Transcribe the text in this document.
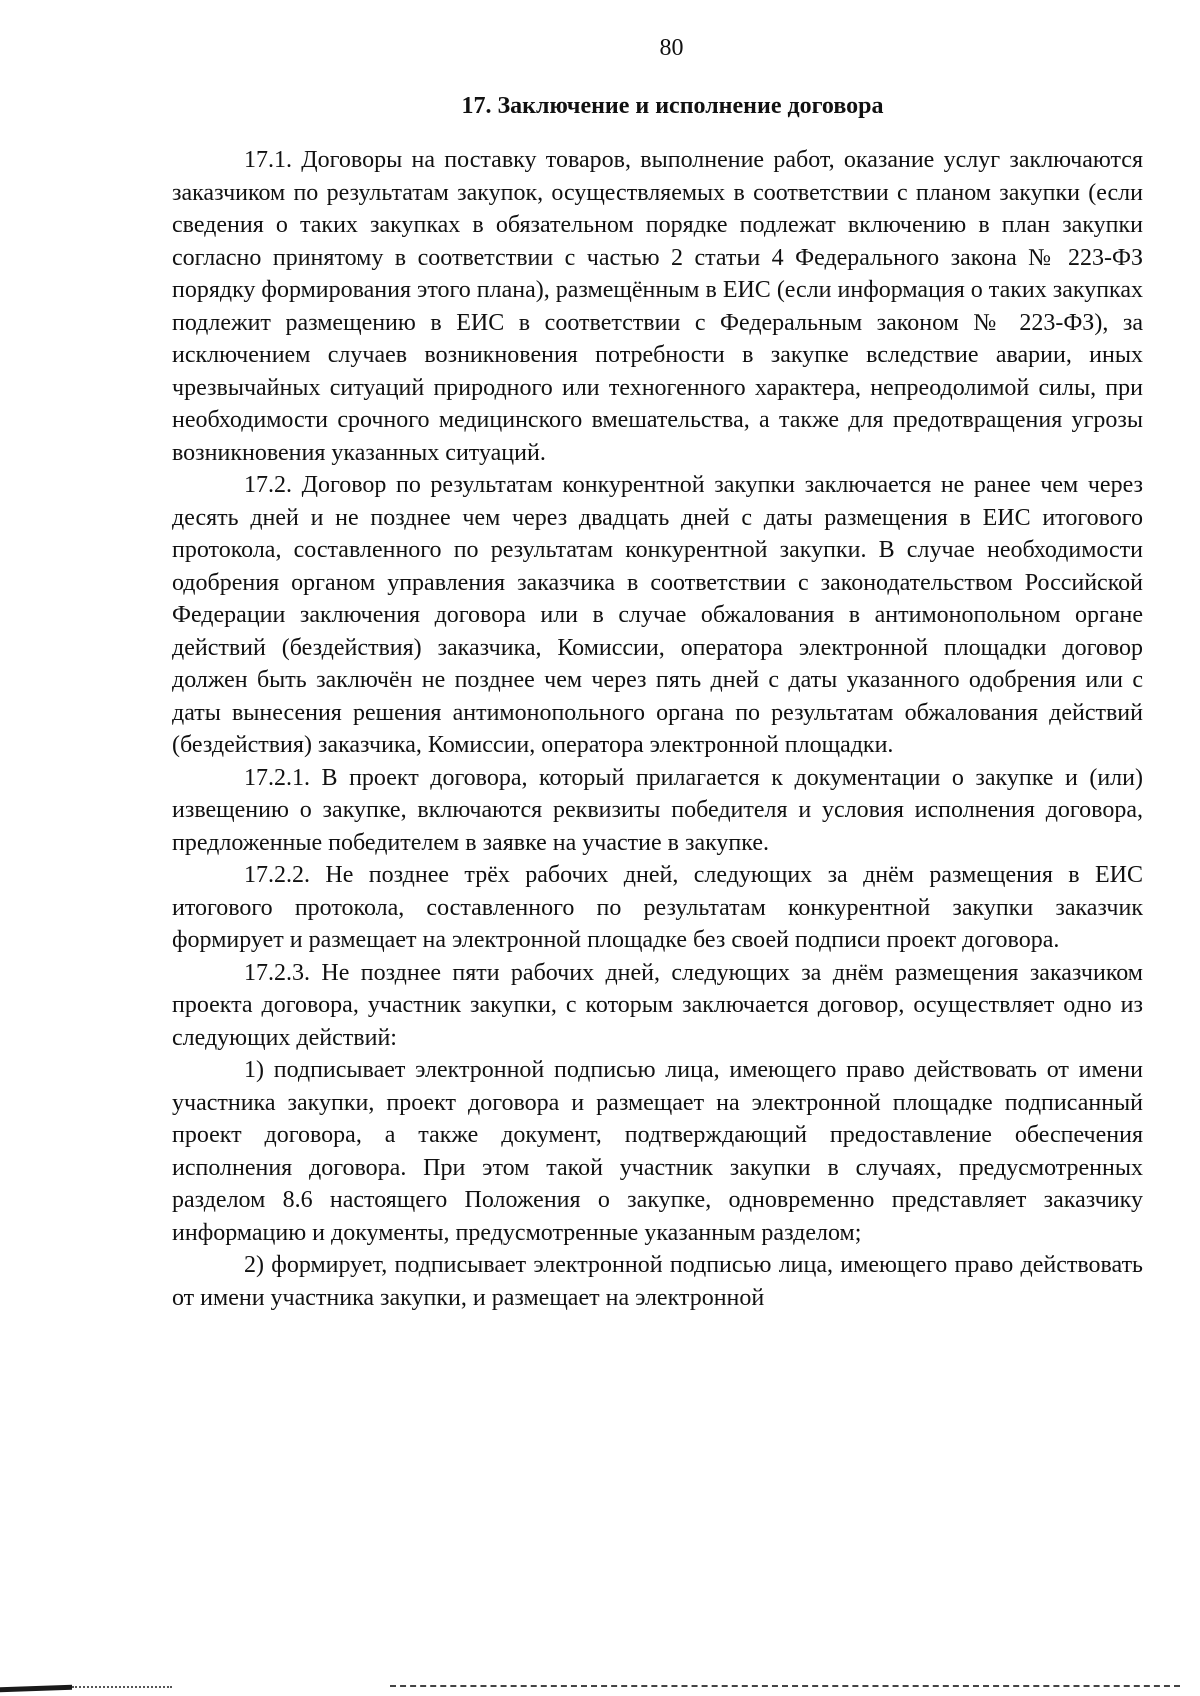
80
17. Заключение и исполнение договора

17.1. Договоры на поставку товаров, выполнение работ, оказание услуг заключаются заказчиком по результатам закупок, осуществляемых в соответствии с планом закупки (если сведения о таких закупках в обязательном порядке подлежат включению в план закупки согласно принятому в соответствии с частью 2 статьи 4 Федерального закона № 223-ФЗ порядку формирования этого плана), размещённым в ЕИС (если информация о таких закупках подлежит размещению в ЕИС в соответствии с Федеральным законом № 223-ФЗ), за исключением случаев возникновения потребности в закупке вследствие аварии, иных чрезвычайных ситуаций природного или техногенного характера, непреодолимой силы, при необходимости срочного медицинского вмешательства, а также для предотвращения угрозы возникновения указанных ситуаций.

17.2. Договор по результатам конкурентной закупки заключается не ранее чем через десять дней и не позднее чем через двадцать дней с даты размещения в ЕИС итогового протокола, составленного по результатам конкурентной закупки. В случае необходимости одобрения органом управления заказчика в соответствии с законодательством Российской Федерации заключения договора или в случае обжалования в антимонопольном органе действий (бездействия) заказчика, Комиссии, оператора электронной площадки договор должен быть заключён не позднее чем через пять дней с даты указанного одобрения или с даты вынесения решения антимонопольного органа по результатам обжалования действий (бездействия) заказчика, Комиссии, оператора электронной площадки.

17.2.1. В проект договора, который прилагается к документации о закупке и (или) извещению о закупке, включаются реквизиты победителя и условия исполнения договора, предложенные победителем в заявке на участие в закупке.

17.2.2. Не позднее трёх рабочих дней, следующих за днём размещения в ЕИС итогового протокола, составленного по результатам конкурентной закупки заказчик формирует и размещает на электронной площадке без своей подписи проект договора.

17.2.3. Не позднее пяти рабочих дней, следующих за днём размещения заказчиком проекта договора, участник закупки, с которым заключается договор, осуществляет одно из следующих действий:

1) подписывает электронной подписью лица, имеющего право действовать от имени участника закупки, проект договора и размещает на электронной площадке подписанный проект договора, а также документ, подтверждающий предоставление обеспечения исполнения договора. При этом такой участник закупки в случаях, предусмотренных разделом 8.6 настоящего Положения о закупке, одновременно представляет заказчику информацию и документы, предусмотренные указанным разделом;

2) формирует, подписывает электронной подписью лица, имеющего право действовать от имени участника закупки, и размещает на электронной
